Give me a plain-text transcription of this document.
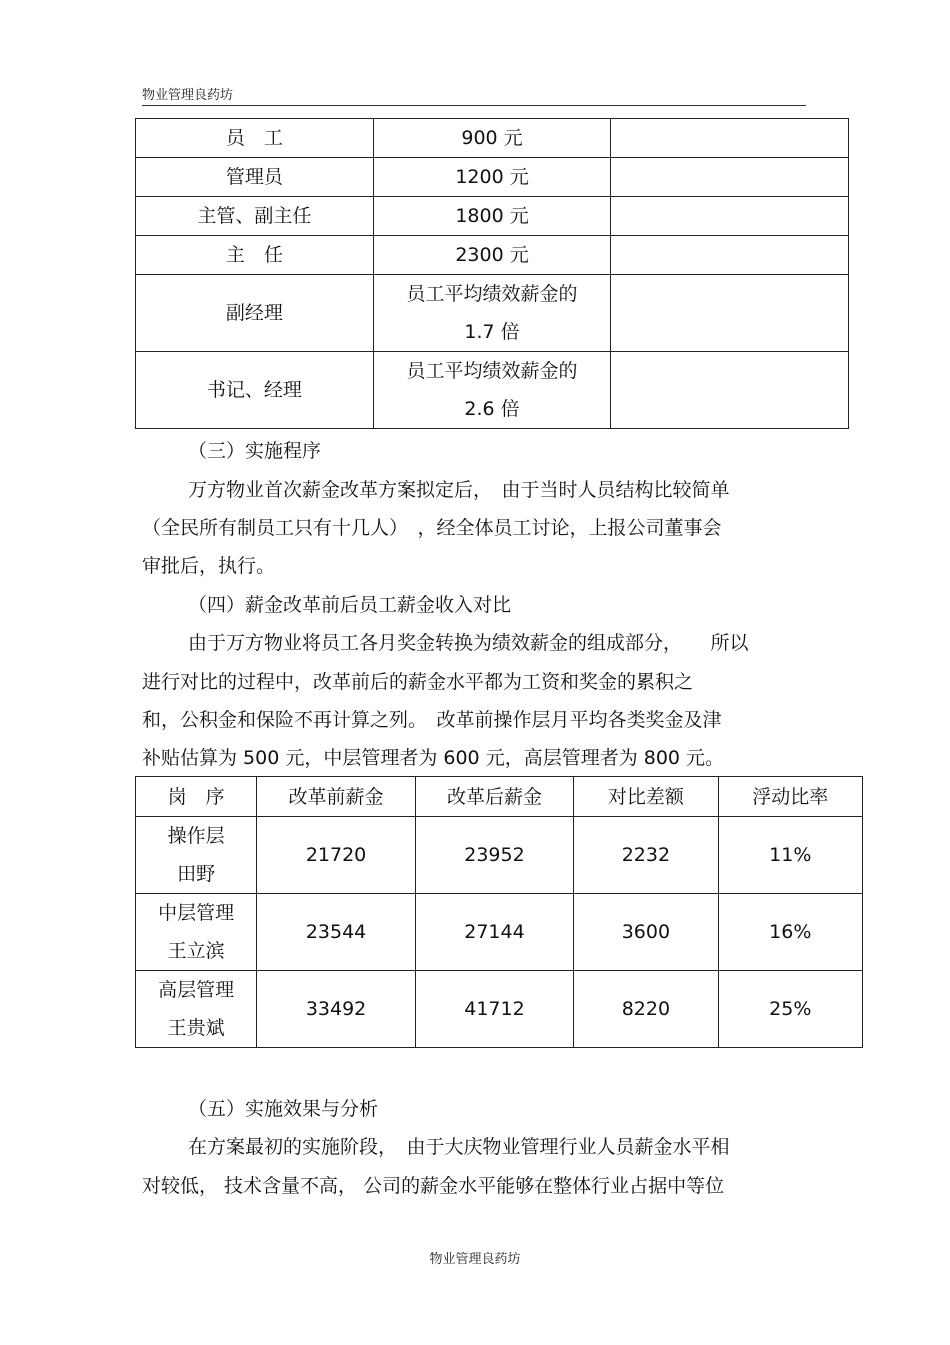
物业管理良药坊
员　工	900 元	
管理员	1200 元	
主管、副主任	1800 元	
主　任	2300 元	
副经理	员工平均绩效薪金的
1.7 倍	

书记、经理	员工平均绩效薪金的
2.6 倍	

（三）实施程序
万方物业首次薪金改革方案拟定后，　由于当时人员结构比较简单
（全民所有制员工只有十几人）　，经全体员工讨论，上报公司董事会
审批后，执行。
（四）薪金改革前后员工薪金收入对比
由于万方物业将员工各月奖金转换为绩效薪金的组成部分，　　所以
进行对比的过程中，改革前后的薪金水平都为工资和奖金的累积之
和，公积金和保险不再计算之列。　改革前操作层月平均各类奖金及津
补贴估算为 500 元，中层管理者为 600 元，高层管理者为 800 元。
岗　序	改革前薪金	改革后薪金	对比差额	浮动比率

操作层
田野	21720	23952	2232	11%

中层管理
王立滨	23544	27144	3600	16%

高层管理
王贵斌	33492	41712	8220	25%
（五）实施效果与分析
在方案最初的实施阶段，　由于大庆物业管理行业人员薪金水平相
对较低， 技术含量不高， 公司的薪金水平能够在整体行业占据中等位
物业管理良药坊
